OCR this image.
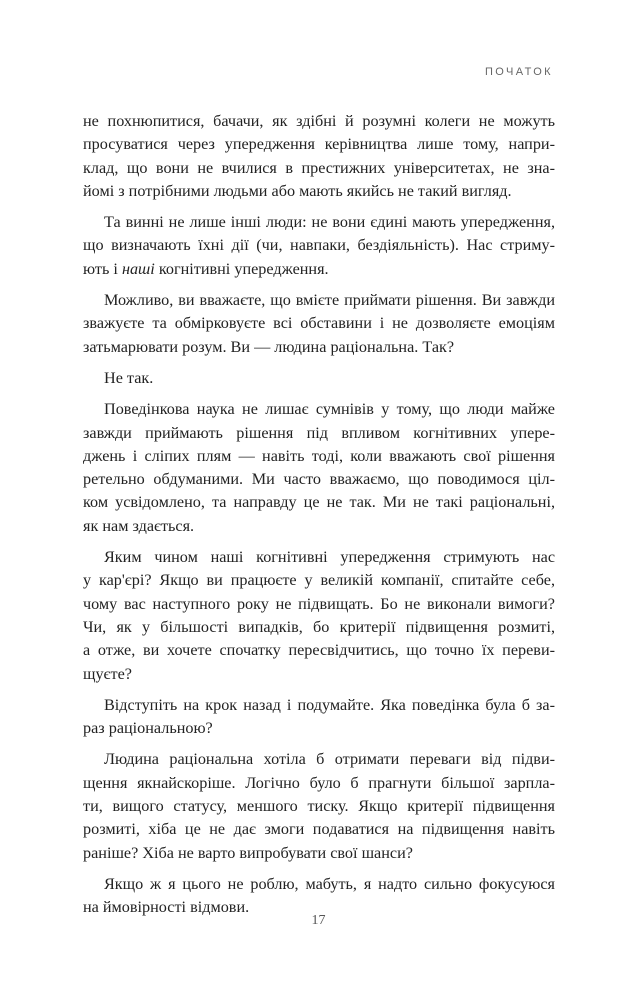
ПОЧАТОК
не похнюпитися, бачачи, як здібні й розумні колеги не можуть
просуватися через упередження керівництва лише тому, напри-
клад, що вони не вчилися в престижних університетах, не зна-
йомі з потрібними людьми або мають якийсь не такий вигляд.
Та винні не лише інші люди: не вони єдині мають упередження,
що визначають їхні дії (чи, навпаки, бездіяльність). Нас стриму-
ють і наші когнітивні упередження.
Можливо, ви вважаєте, що вмієте приймати рішення. Ви завжди
зважуєте та обмірковуєте всі обставини і не дозволяєте емоціям
затьмарювати розум. Ви — людина раціональна. Так?
Не так.
Поведінкова наука не лишає сумнівів у тому, що люди майже
завжди приймають рішення під впливом когнітивних упере-
джень і сліпих плям — навіть тоді, коли вважають свої рішення
ретельно обдуманими. Ми часто вважаємо, що поводимося ціл-
ком усвідомлено, та направду це не так. Ми не такі раціональні,
як нам здається.
Яким чином наші когнітивні упередження стримують нас
у кар'єрі? Якщо ви працюєте у великій компанії, спитайте себе,
чому вас наступного року не підвищать. Бо не виконали вимоги?
Чи, як у більшості випадків, бо критерії підвищення розмиті,
а отже, ви хочете спочатку пересвідчитись, що точно їх переви-
щуєте?
Відступіть на крок назад і подумайте. Яка поведінка була б за-
раз раціональною?
Людина раціональна хотіла б отримати переваги від підви-
щення якнайскоріше. Логічно було б прагнути більшої зарпла-
ти, вищого статусу, меншого тиску. Якщо критерії підвищення
розмиті, хіба це не дає змоги подаватися на підвищення навіть
раніше? Хіба не варто випробувати свої шанси?
Якщо ж я цього не роблю, мабуть, я надто сильно фокусуюся
на ймовірності відмови.
17
